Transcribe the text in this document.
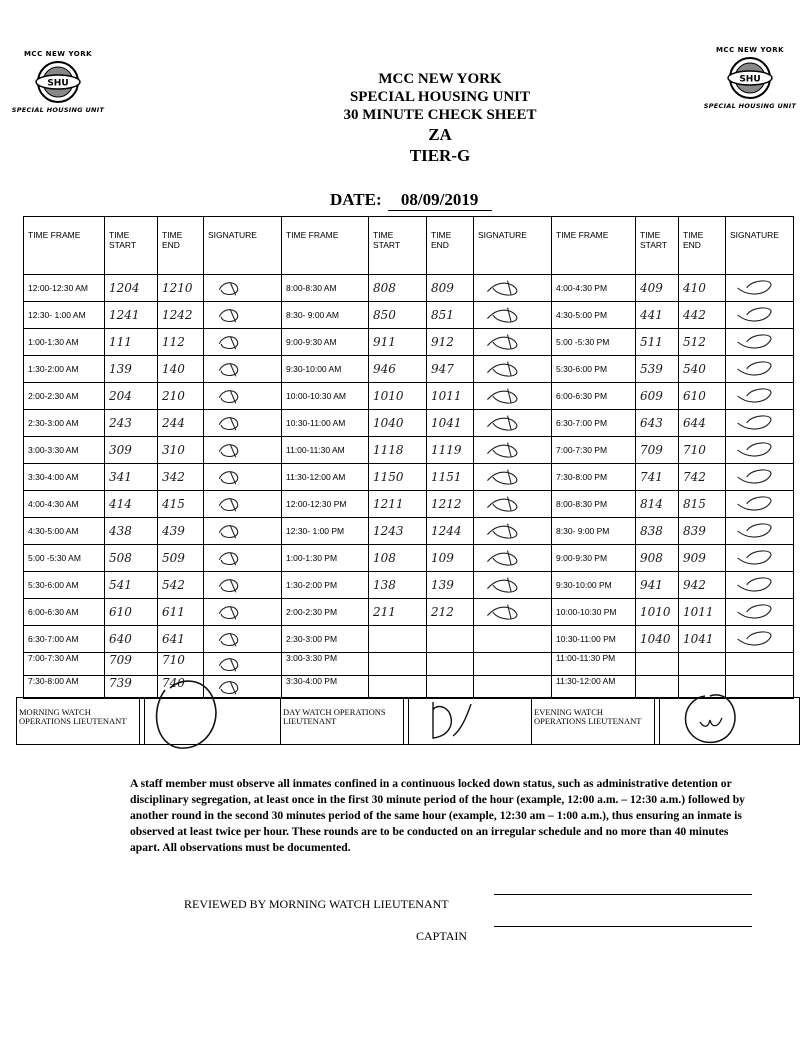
MCC NEW YORK
SHU
SPECIAL HOUSING UNIT
MCC NEW YORK
SHU
SPECIAL HOUSING UNIT
MCC NEW YORK
SPECIAL HOUSING UNIT
30 MINUTE CHECK SHEET
ZA
TIER-G
DATE: 08/09/2019
TIME FRAME	TIME START	TIME END	SIGNATURE	TIME FRAME	TIME START	TIME END	SIGNATURE	TIME FRAME	TIME START	TIME END	SIGNATURE
12:00-12:30 AM	1204	1210		8:00-8:30 AM	808	809		4:00-4:30 PM	409	410	

12:30- 1:00 AM	1241	1242		8:30- 9:00 AM	850	851		4:30-5:00 PM	441	442	

1:00-1:30 AM	111	112		9:00-9:30 AM	911	912		5:00 -5:30 PM	511	512	

1:30-2:00 AM	139	140		9:30-10:00 AM	946	947		5:30-6:00 PM	539	540	

2:00-2:30 AM	204	210		10:00-10:30 AM	1010	1011		6:00-6:30 PM	609	610	

2:30-3:00 AM	243	244		10:30-11:00 AM	1040	1041		6:30-7:00 PM	643	644	

3:00-3:30 AM	309	310		11:00-11:30 AM	1118	1119		7:00-7:30 PM	709	710	

3:30-4:00 AM	341	342		11:30-12:00 AM	1150	1151		7:30-8:00 PM	741	742	

4:00-4:30 AM	414	415		12:00-12:30 PM	1211	1212		8:00-8:30 PM	814	815	

4:30-5:00 AM	438	439		12:30- 1:00 PM	1243	1244		8:30- 9:00 PM	838	839	

5:00 -5:30 AM	508	509		1:00-1:30 PM	108	109		9:00-9:30 PM	908	909	

5:30-6:00 AM	541	542		1:30-2:00 PM	138	139		9:30-10:00 PM	941	942	

6:00-6:30 AM	610	611		2:00-2:30 PM	211	212		10:00-10:30 PM	1010	1011	

6:30-7:00 AM	640	641		2:30-3:00 PM				10:30-11:00 PM	1040	1041	

7:00-7:30 AM	709	710		3:00-3:30 PM				11:00-11:30 PM			
7:30-8:00 AM	739	740		3:30-4:00 PM				11:30-12:00 AM			
MORNING WATCH OPERATIONS LIEUTENANT
DAY WATCH OPERATIONS LIEUTENANT
EVENING WATCH OPERATIONS LIEUTENANT
A staff member must observe all inmates confined in a continuous locked down status, such as administrative detention or disciplinary segregation, at least once in the first 30 minute period of the hour (example, 12:00 a.m. – 12:30 a.m.) followed by another round in the second 30 minutes period of the same hour (example, 12:30 am – 1:00 a.m.), thus ensuring an inmate is observed at least twice per hour. These rounds are to be conducted on an irregular schedule and no more than 40 minutes apart. All observations must be documented.
REVIEWED BY MORNING WATCH LIEUTENANT
CAPTAIN
